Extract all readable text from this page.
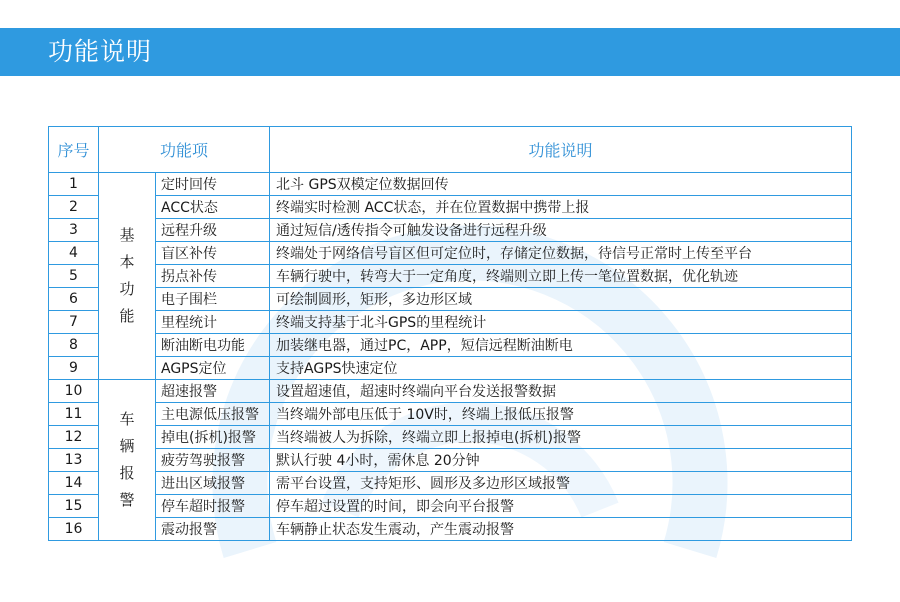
功能说明
序号	功能项		功能说明
1	基本功能	定时回传	北斗 GPS双模定位数据回传
2		ACC状态	终端实时检测 ACC状态，并在位置数据中携带上报
3		远程升级	通过短信/透传指令可触发设备进行远程升级
4		盲区补传	终端处于网络信号盲区但可定位时，存储定位数据，待信号正常时上传至平台
5		拐点补传	车辆行驶中，转弯大于一定角度，终端则立即上传一笔位置数据，优化轨迹
6		电子围栏	可绘制圆形，矩形，多边形区域
7		里程统计	终端支持基于北斗GPS的里程统计
8		断油断电功能	加装继电器，通过PC，APP，短信远程断油断电
9		AGPS定位	支持AGPS快速定位
10	车辆报警	超速报警	设置超速值，超速时终端向平台发送报警数据
11		主电源低压报警	当终端外部电压低于 10V时，终端上报低压报警
12		掉电(拆机)报警	当终端被人为拆除，终端立即上报掉电(拆机)报警
13		疲劳驾驶报警	默认行驶 4小时，需休息 20分钟
14		进出区域报警	需平台设置，支持矩形、圆形及多边形区域报警
15		停车超时报警	停车超过设置的时间，即会向平台报警
16		震动报警	车辆静止状态发生震动，产生震动报警
